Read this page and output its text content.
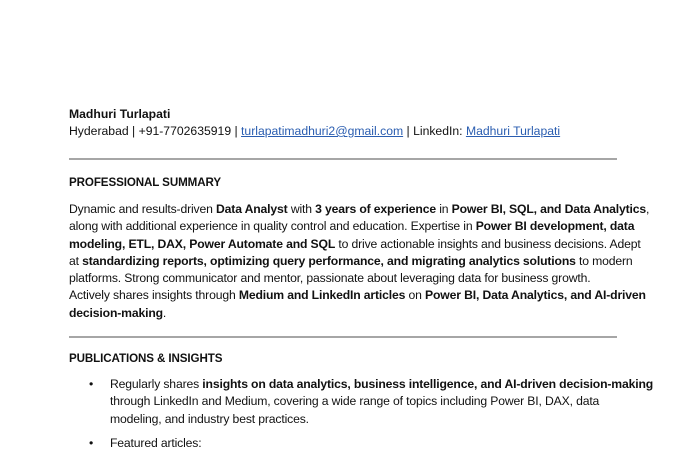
Madhuri Turlapati
Hyderabad | +91-7702635919 | turlapatimadhuri2@gmail.com | LinkedIn: Madhuri Turlapati
PROFESSIONAL SUMMARY
Dynamic and results-driven Data Analyst with 3 years of experience in Power BI, SQL, and Data Analytics,
along with additional experience in quality control and education. Expertise in Power BI development, data
modeling, ETL, DAX, Power Automate and SQL to drive actionable insights and business decisions. Adept
at standardizing reports, optimizing query performance, and migrating analytics solutions to modern
platforms. Strong communicator and mentor, passionate about leveraging data for business growth.
Actively shares insights through Medium and LinkedIn articles on Power BI, Data Analytics, and AI-driven
decision-making.
PUBLICATIONS & INSIGHTS
• Regularly shares insights on data analytics, business intelligence, and AI-driven decision-making
through LinkedIn and Medium, covering a wide range of topics including Power BI, DAX, data
modeling, and industry best practices.
• Featured articles:
